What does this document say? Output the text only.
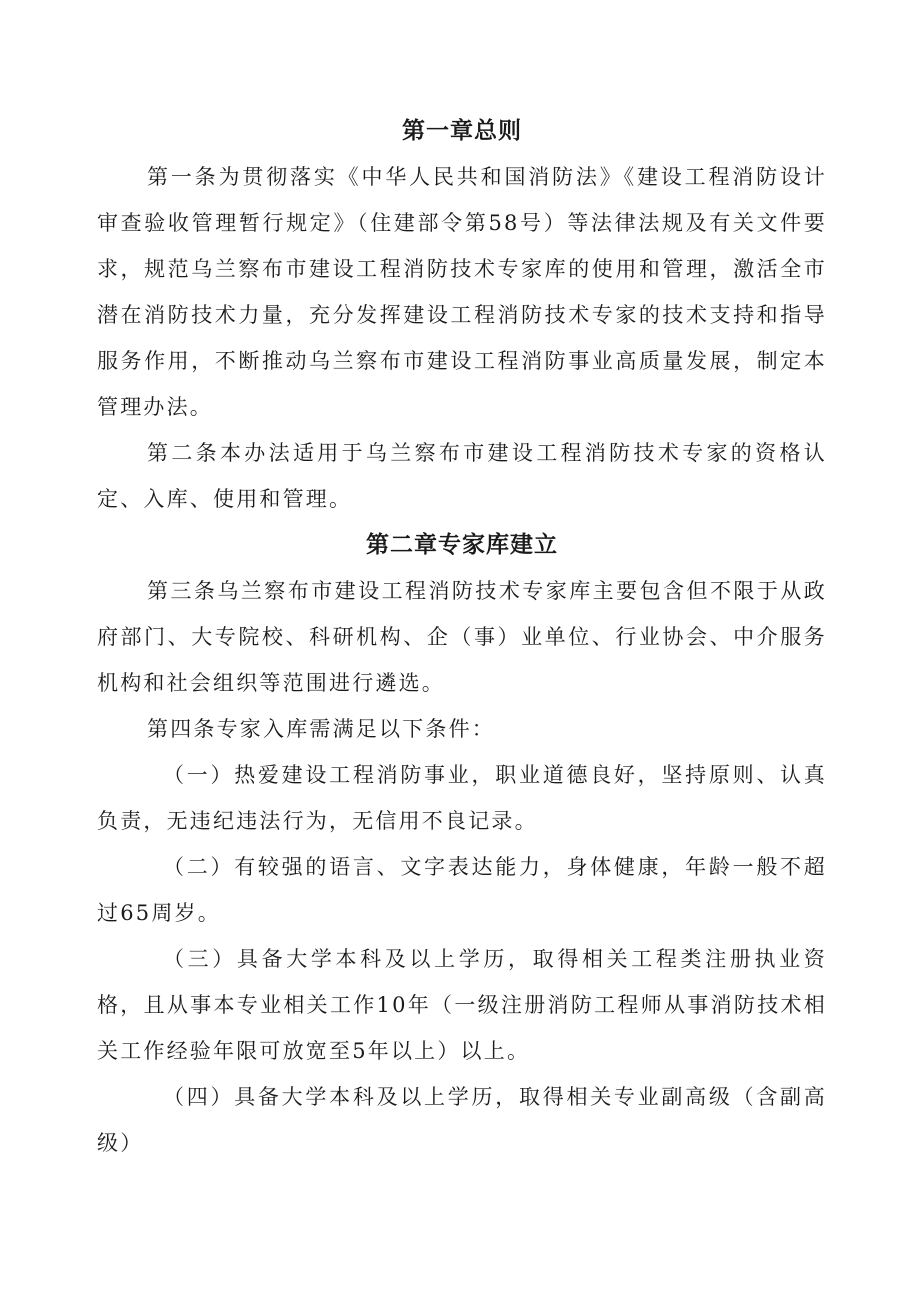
第一章总则

第一条为贯彻落实《中华人民共和国消防法》《建设工程消防设计审查验收管理暂行规定》（住建部令第58号）等法律法规及有关文件要求，规范乌兰察布市建设工程消防技术专家库的使用和管理，激活全市潜在消防技术力量，充分发挥建设工程消防技术专家的技术支持和指导服务作用，不断推动乌兰察布市建设工程消防事业高质量发展，制定本管理办法。

第二条本办法适用于乌兰察布市建设工程消防技术专家的资格认定、入库、使用和管理。

第二章专家库建立

第三条乌兰察布市建设工程消防技术专家库主要包含但不限于从政府部门、大专院校、科研机构、企（事）业单位、行业协会、中介服务机构和社会组织等范围进行遴选。

第四条专家入库需满足以下条件：

（一）热爱建设工程消防事业，职业道德良好，坚持原则、认真负责，无违纪违法行为，无信用不良记录。

（二）有较强的语言、文字表达能力，身体健康，年龄一般不超过65周岁。

（三）具备大学本科及以上学历，取得相关工程类注册执业资格，且从事本专业相关工作10年（一级注册消防工程师从事消防技术相关工作经验年限可放宽至5年以上）以上。

（四）具备大学本科及以上学历，取得相关专业副高级（含副高级）
